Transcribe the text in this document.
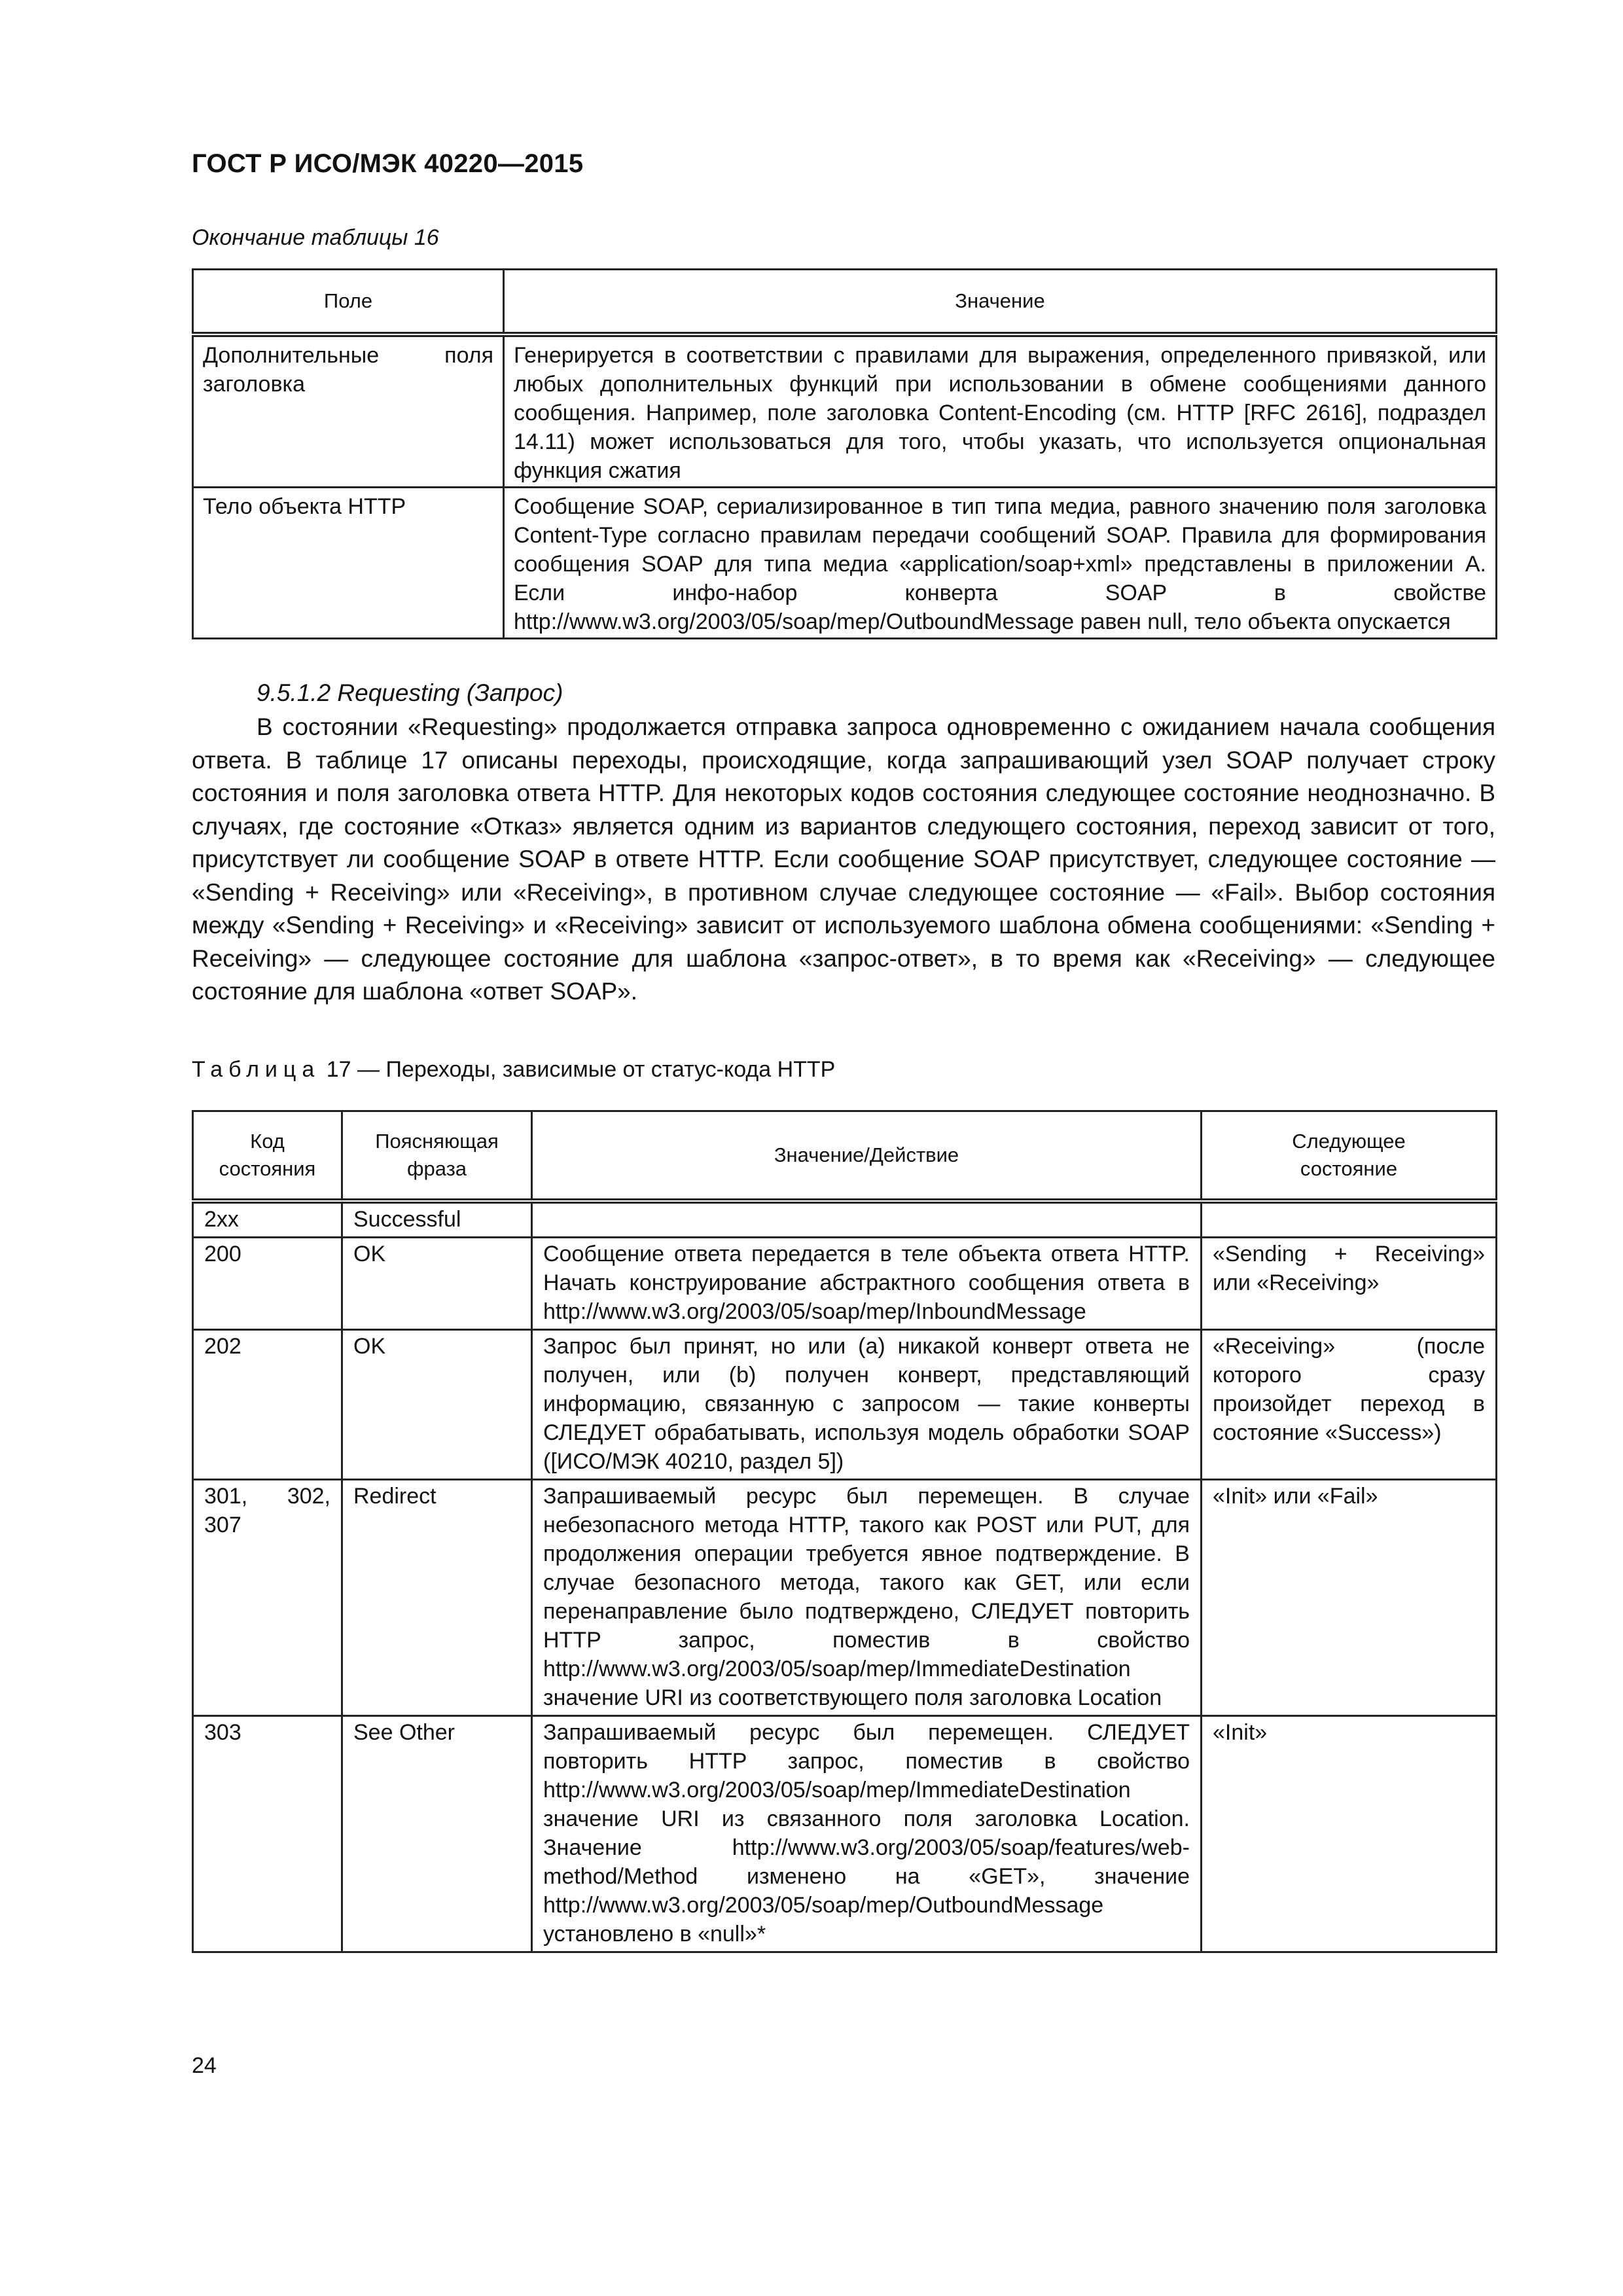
ГОСТ Р ИСО/МЭК 40220—2015
Окончание таблицы 16
Поле	Значение
Дополнительные поля заголовка	Генерируется в соответствии с правилами для выражения, определенного привязкой, или любых дополнительных функций при использовании в обмене сообщениями данного сообщения. Например, поле заголовка Content-Encoding (см. HTTP [RFC 2616], подраздел 14.11) может использоваться для того, чтобы указать, что используется опциональная функция сжатия
Тело объекта HTTP	Сообщение SOAP, сериализированное в тип типа медиа, равного значению поля заголовка Content-Type согласно правилам передачи сообщений SOAP. Правила для формирования сообщения SOAP для типа медиа «application/soap+xml» представлены в приложении А. Если инфо-набор конверта SOAP в свойстве http://www.w3.org/2003/05/soap/mep/OutboundMessage равен null, тело объекта опускается
9.5.1.2 Requesting (Запрос)
В состоянии «Requesting» продолжается отправка запроса одновременно с ожиданием начала сообщения ответа. В таблице 17 описаны переходы, происходящие, когда запрашивающий узел SOAP получает строку состояния и поля заголовка ответа HTTP. Для некоторых кодов состояния следующее состояние неоднозначно. В случаях, где состояние «Отказ» является одним из вариантов следующего состояния, переход зависит от того, присутствует ли сообщение SOAP в ответе HTTP. Если сообщение SOAP присутствует, следующее состояние — «Sending + Receiving» или «Receiving», в противном случае следующее состояние — «Fail». Выбор состояния между «Sending + Receiving» и «Receiving» зависит от используемого шаблона обмена сообщениями: «Sending + Receiving» — следующее состояние для шаблона «запрос-ответ», в то время как «Receiving» — следующее состояние для шаблона «ответ SOAP».
Таблица 17 — Переходы, зависимые от статус-кода HTTP
Код состояния	Поясняющая фраза	Значение/Действие	Следующее состояние
2xx	Successful		
200	OK	Сообщение ответа передается в теле объекта ответа HTTP. Начать конструирование абстрактного сообщения ответа в http://www.w3.org/2003/05/soap/mep/InboundMessage	«Sending + Receiving» или «Receiving»
202	OK	Запрос был принят, но или (а) никакой конверт ответа не получен, или (b) получен конверт, представляющий информацию, связанную с запросом — такие конверты СЛЕДУЕТ обрабатывать, используя модель обработки SOAP ([ИСО/МЭК 40210, раздел 5])	«Receiving» (после которого сразу произойдет переход в состояние «Success»)
301, 302, 307	Redirect	Запрашиваемый ресурс был перемещен. В случае небезопасного метода HTTP, такого как POST или PUT, для продолжения операции требуется явное подтверждение. В случае безопасного метода, такого как GET, или если перенаправление было подтверждено, СЛЕДУЕТ повторить HTTP запрос, поместив в свойство http://www.w3.org/2003/05/soap/mep/ImmediateDestination значение URI из соответствующего поля заголовка Location	«Init» или «Fail»
303	See Other	Запрашиваемый ресурс был перемещен. СЛЕДУЕТ повторить HTTP запрос, поместив в свойство http://www.w3.org/2003/05/soap/mep/ImmediateDestination значение URI из связанного поля заголовка Location. Значение http://www.w3.org/2003/05/soap/features/web-method/Method изменено на «GET», значение http://www.w3.org/2003/05/soap/mep/OutboundMessage установлено в «null»*	«Init»
24
